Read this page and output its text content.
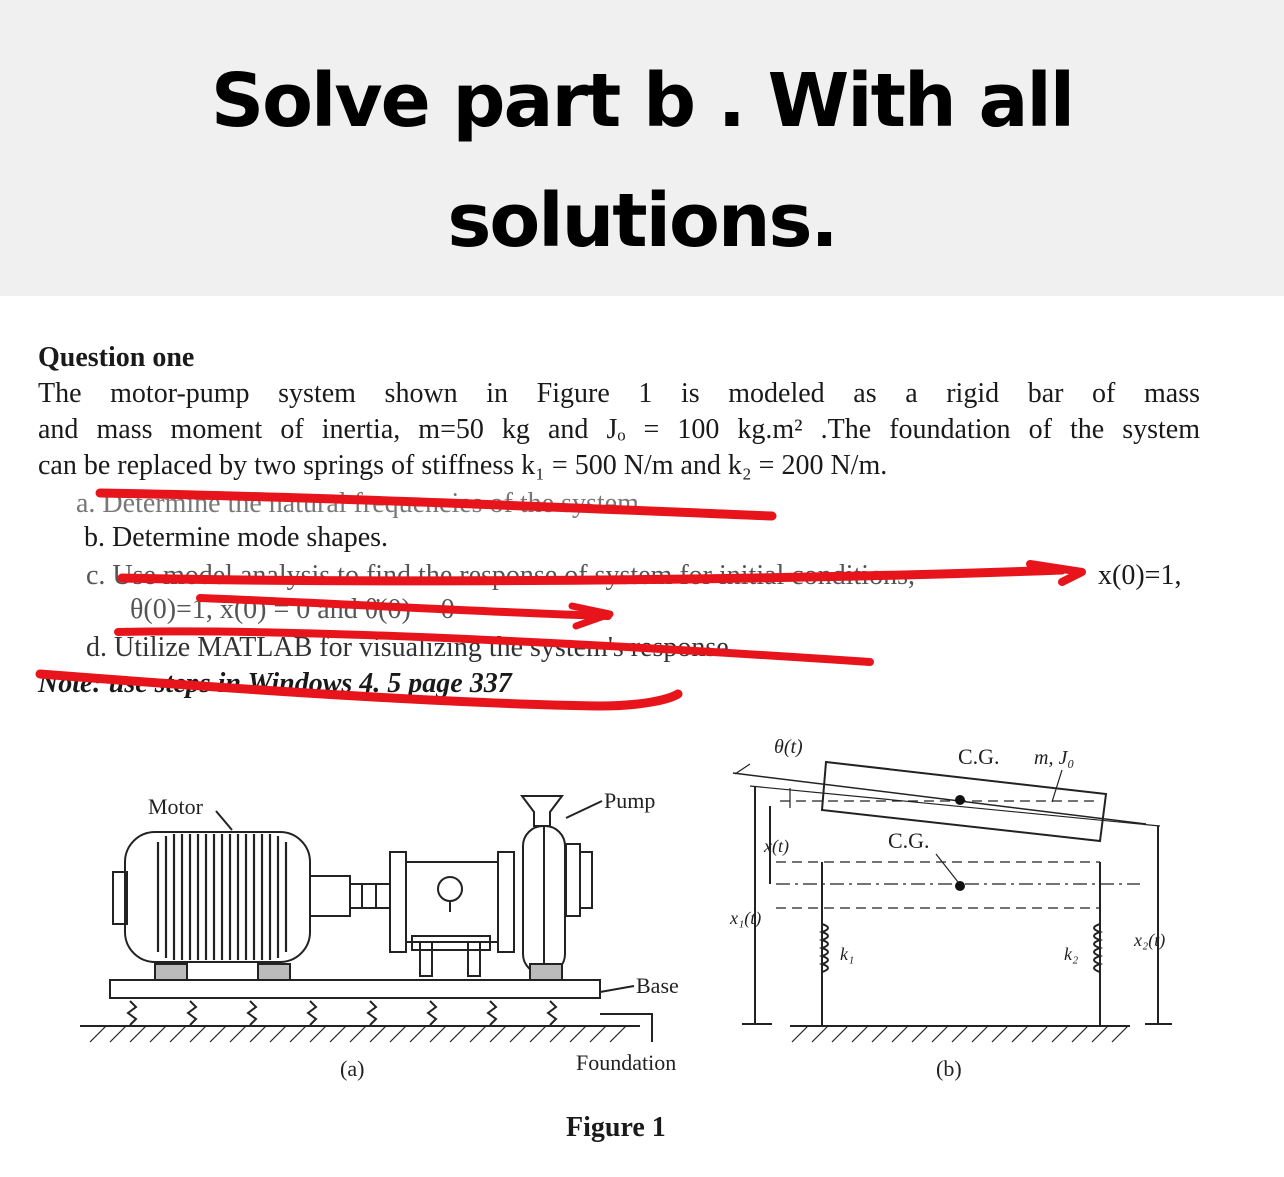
Solve part b . With all
solutions.
Question one
The motor-pump system shown in Figure 1 is modeled as a rigid bar of mass
and mass moment of inertia, m=50 kg and Jₒ = 100 kg.m² .The foundation of the system
can be replaced by two springs of stiffness k₁ = 500 N/m and k₂ = 200 N/m.
a. Determine the natural frequencies of the system
b. Determine mode shapes.
c. Use model analysis to find the response of system for initial conditions,	x(0)=1,
θ(0)=1, ẋ(0) = 0 and θ̇(0) = 0
d. Utilize MATLAB for visualizing the system's response.
Note: use steps in Windows 4. 5 page 337
Motor	Pump
Base
Foundation
(a)
θ(t)	C.G. m, J₀
C.G.
x(t)
x₁(t)
x₂(t)
k₁	k₂
(b)
Figure 1
